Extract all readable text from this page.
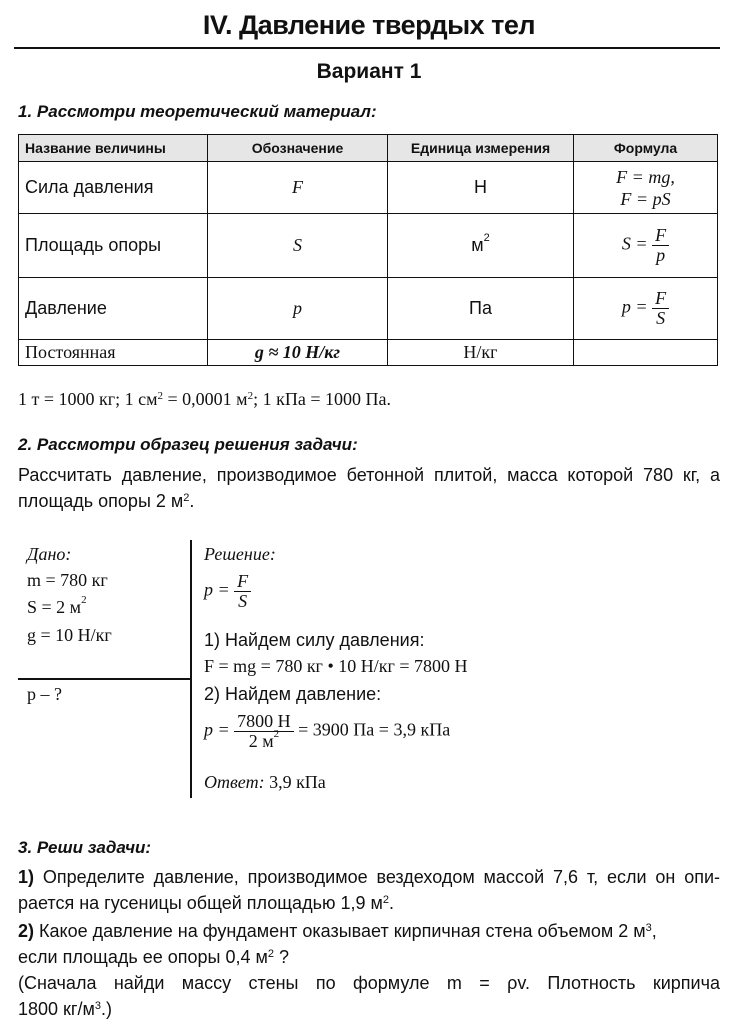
IV. Давление твердых тел
Вариант 1
1. Рассмотри теоретический материал:
Название величины	Обозначение	Единица измерения	Формула
Сила давления	F	Н	F = mg,
F = pS

Площадь опоры	S	$м^2$	$S = \frac{F}{p}$

Давление	p	Па	$p = \frac{F}{S}$

Постоянная	g ≈ 10 Н/кг	Н/кг	
1 т = 1000 кг; 1 $см^2 = 0,0001$ $м^2$; 1 кПа = 1000 Па.
2. Рассмотри образец решения задачи:
Рассчитать давление, производимое бетонной плитой, масса которой 780 кг, а
площадь опоры 2 $м^2$.
Дано:
m = 780 кг
S = 2 $м^2$
g = 10 Н/кг
p – ?
Решение:
$p = \frac{F}{S}$
1) Найдем силу давления:
F = mg = 780 кг • 10 Н/кг = 7800 Н
2) Найдем давление:
$p = \frac{7800 Н}{2 м^2} = 3900$ Па = 3,9 кПа
Ответ: 3,9 кПа
3. Реши задачи:
1) Определите давление, производимое вездеходом массой 7,6 т, если он опи-
рается на гусеницы общей площадью 1,9 $м^2$.
2) Какое давление на фундамент оказывает кирпичная стена объемом 2 $м^3$,
если площадь ее опоры 0,4 $м^2$ ?
(Сначала найди массу стены по формуле m = ρv. Плотность кирпича
1800 $кг/м^3$.)
